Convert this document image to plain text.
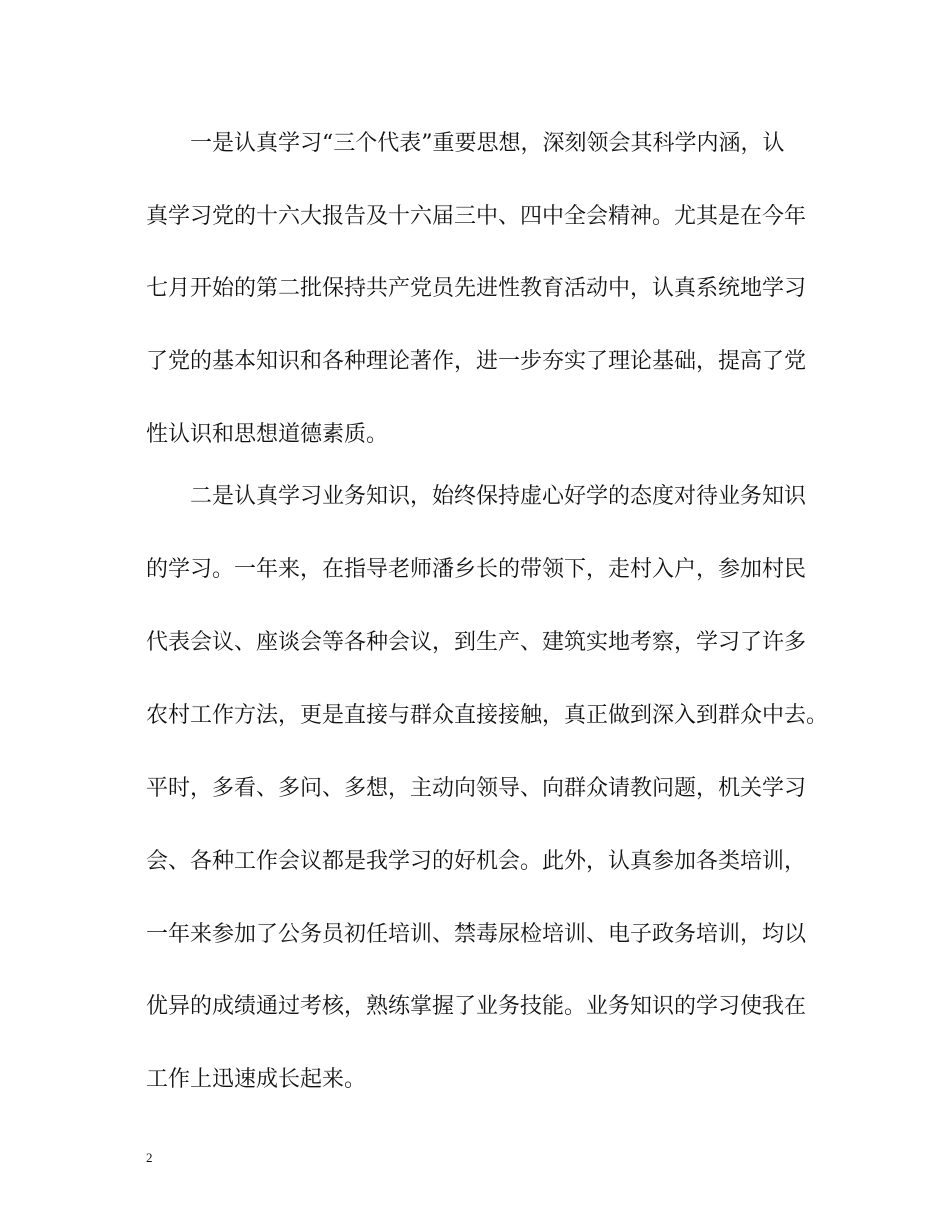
一是认真学习“三个代表”重要思想，深刻领会其科学内涵，认
真学习党的十六大报告及十六届三中、四中全会精神。尤其是在今年
七月开始的第二批保持共产党员先进性教育活动中，认真系统地学习
了党的基本知识和各种理论著作，进一步夯实了理论基础，提高了党
性认识和思想道德素质。
二是认真学习业务知识，始终保持虚心好学的态度对待业务知识
的学习。一年来，在指导老师潘乡长的带领下，走村入户，参加村民
代表会议、座谈会等各种会议，到生产、建筑实地考察，学习了许多
农村工作方法，更是直接与群众直接接触，真正做到深入到群众中去。
平时，多看、多问、多想，主动向领导、向群众请教问题，机关学习
会、各种工作会议都是我学习的好机会。此外，认真参加各类培训，
一年来参加了公务员初任培训、禁毒尿检培训、电子政务培训，均以
优异的成绩通过考核，熟练掌握了业务技能。业务知识的学习使我在
工作上迅速成长起来。
2
